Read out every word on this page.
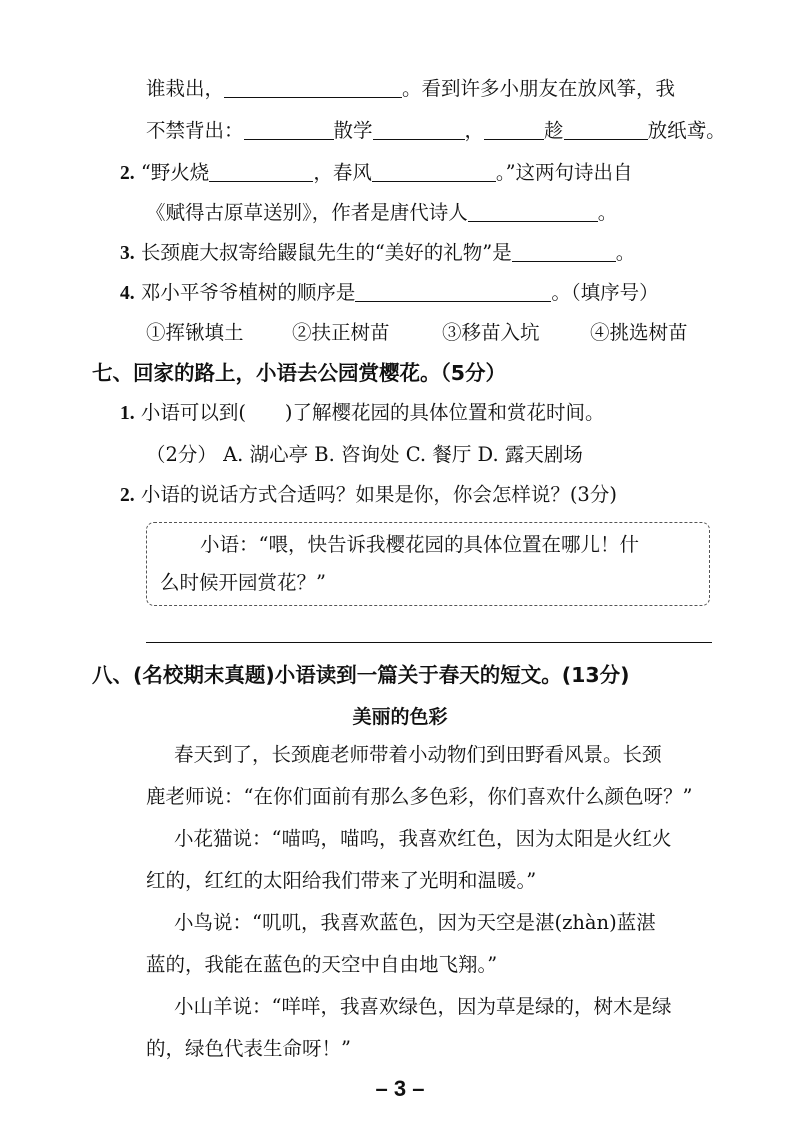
谁栽出，	。看到许多小朋友在放风筝，我
不禁背出：	散学	，	趁	放纸鸢。
2. “野火烧	，春风	。”这两句诗出自
《赋得古原草送别》，作者是唐代诗人	。
3. 长颈鹿大叔寄给鼹鼠先生的“美好的礼物”是	。
4. 邓小平爷爷植树的顺序是	。（填序号）
①挥锹填土 ②扶正树苗	③移苗入坑	④挑选树苗
七、回家的路上，小语去公园赏樱花。（5分）
1. 小语可以到(　　)了解樱花园的具体位置和赏花时间。
（2分） A. 湖心亭 B. 咨询处 C. 餐厅 D. 露天剧场
2. 小语的说话方式合适吗？如果是你，你会怎样说？(3分)
小语：“喂，快告诉我樱花园的具体位置在哪儿！什
么时候开园赏花？”
八、(名校期末真题)小语读到一篇关于春天的短文。(13分)
美丽的色彩
春天到了，长颈鹿老师带着小动物们到田野看风景。长颈
鹿老师说：“在你们面前有那么多色彩，你们喜欢什么颜色呀？”
小花猫说：“喵呜，喵呜，我喜欢红色，因为太阳是火红火
红的，红红的太阳给我们带来了光明和温暖。”
小鸟说：“叽叽，我喜欢蓝色，因为天空是湛(zhàn)蓝湛
蓝的，我能在蓝色的天空中自由地飞翔。”
小山羊说：“咩咩，我喜欢绿色，因为草是绿的，树木是绿
的，绿色代表生命呀！”
– 3 –
